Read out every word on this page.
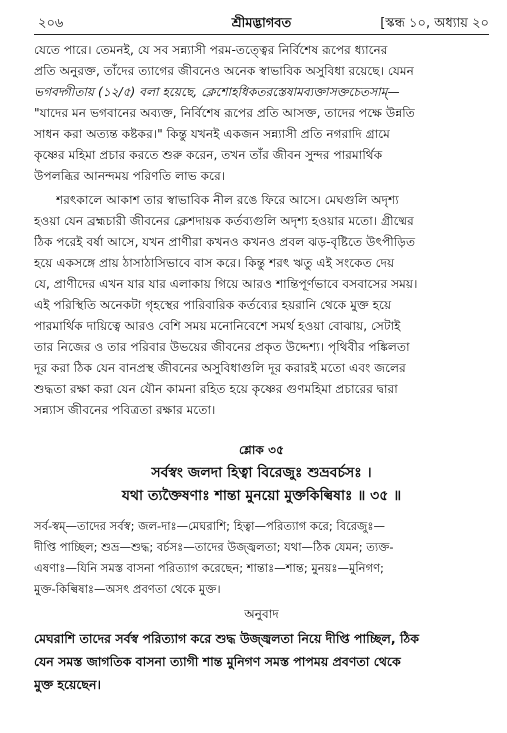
২০৬	শ্রীমদ্ভাগবত	[স্কন্ধ ১০, অধ্যায় ২০
যেতে পারে। তেমনই, যে সব সন্ন্যাসী পরম-তত্ত্বের নির্বিশেষ রূপের ধ্যানের
প্রতি অনুরক্ত, তাঁদের ত্যাগের জীবনেও অনেক স্বাভাবিক অসুবিধা রয়েছে। যেমন
ভগবদ্গীতায় (১২/৫) বলা হয়েছে, ক্লেশোহধিকতরস্তেষামব্যক্তাসক্তচেতসাম্—
"যাদের মন ভগবানের অব্যক্ত, নির্বিশেষ রূপের প্রতি আসক্ত, তাদের পক্ষে উন্নতি
সাধন করা অত্যন্ত কষ্টকর।" কিন্তু যখনই একজন সন্ন্যাসী প্রতি নগরাদি গ্রামে
কৃষ্ণের মহিমা প্রচার করতে শুরু করেন, তখন তাঁর জীবন সুন্দর পারমার্থিক
উপলব্ধির আনন্দময় পরিণতি লাভ করে।
শরৎকালে আকাশ তার স্বাভাবিক নীল রঙে ফিরে আসে। মেঘগুলি অদৃশ্য
হওয়া যেন ব্রহ্মচারী জীবনের ক্লেশদায়ক কর্তব্যগুলি অদৃশ্য হওয়ার মতো। গ্রীষ্মের
ঠিক পরেই বর্ষা আসে, যখন প্রাণীরা কখনও কখনও প্রবল ঝড়-বৃষ্টিতে উৎপীড়িত
হয়ে একসঙ্গে প্রায় ঠাসাঠাসিভাবে বাস করে। কিন্তু শরৎ ঋতু এই সংকেত দেয়
যে, প্রাণীদের এখন যার যার এলাকায় গিয়ে আরও শান্তিপূর্ণভাবে বসবাসের সময়।
এই পরিস্থিতি অনেকটা গৃহস্থের পারিবারিক কর্তব্যের হয়রানি থেকে মুক্ত হয়ে
পারমার্থিক দায়িত্বে আরও বেশি সময় মনোনিবেশে সমর্থ হওয়া বোঝায়, সেটাই
তার নিজের ও তার পরিবার উভয়ের জীবনের প্রকৃত উদ্দেশ্য। পৃথিবীর পঙ্কিলতা
দূর করা ঠিক যেন বানপ্রস্থ জীবনের অসুবিধাগুলি দূর করারই মতো এবং জলের
শুদ্ধতা রক্ষা করা যেন যৌন কামনা রহিত হয়ে কৃষ্ণের গুণমহিমা প্রচারের দ্বারা
সন্ন্যাস জীবনের পবিত্রতা রক্ষার মতো।
শ্লোক ৩৫
সর্বস্বং জলদা হিত্বা বিরেজুঃ শুভ্রবর্চসঃ ।
যথা ত্যক্তৈষণাঃ শান্তা মুনয়ো মুক্তকিল্বিষাঃ ॥ ৩৫ ॥
সর্ব-স্বম্—তাদের সর্বস্ব; জল-দাঃ—মেঘরাশি; হিত্বা—পরিত্যাগ করে; বিরেজুঃ—
দীপ্তি পাচ্ছিল; শুভ্র—শুদ্ধ; বর্চসঃ—তাদের উজ্জ্বলতা; যথা—ঠিক যেমন; ত্যক্ত-
এষণাঃ—যিনি সমস্ত বাসনা পরিত্যাগ করেছেন; শান্তাঃ—শান্ত; মুনয়ঃ—মুনিগণ;
মুক্ত-কিল্বিষাঃ—অসৎ প্রবণতা থেকে মুক্ত।
অনুবাদ
মেঘরাশি তাদের সর্বস্ব পরিত্যাগ করে শুদ্ধ উজ্জ্বলতা নিয়ে দীপ্তি পাচ্ছিল, ঠিক
যেন সমস্ত জাগতিক বাসনা ত্যাগী শান্ত মুনিগণ সমস্ত পাপময় প্রবণতা থেকে
মুক্ত হয়েছেন।
